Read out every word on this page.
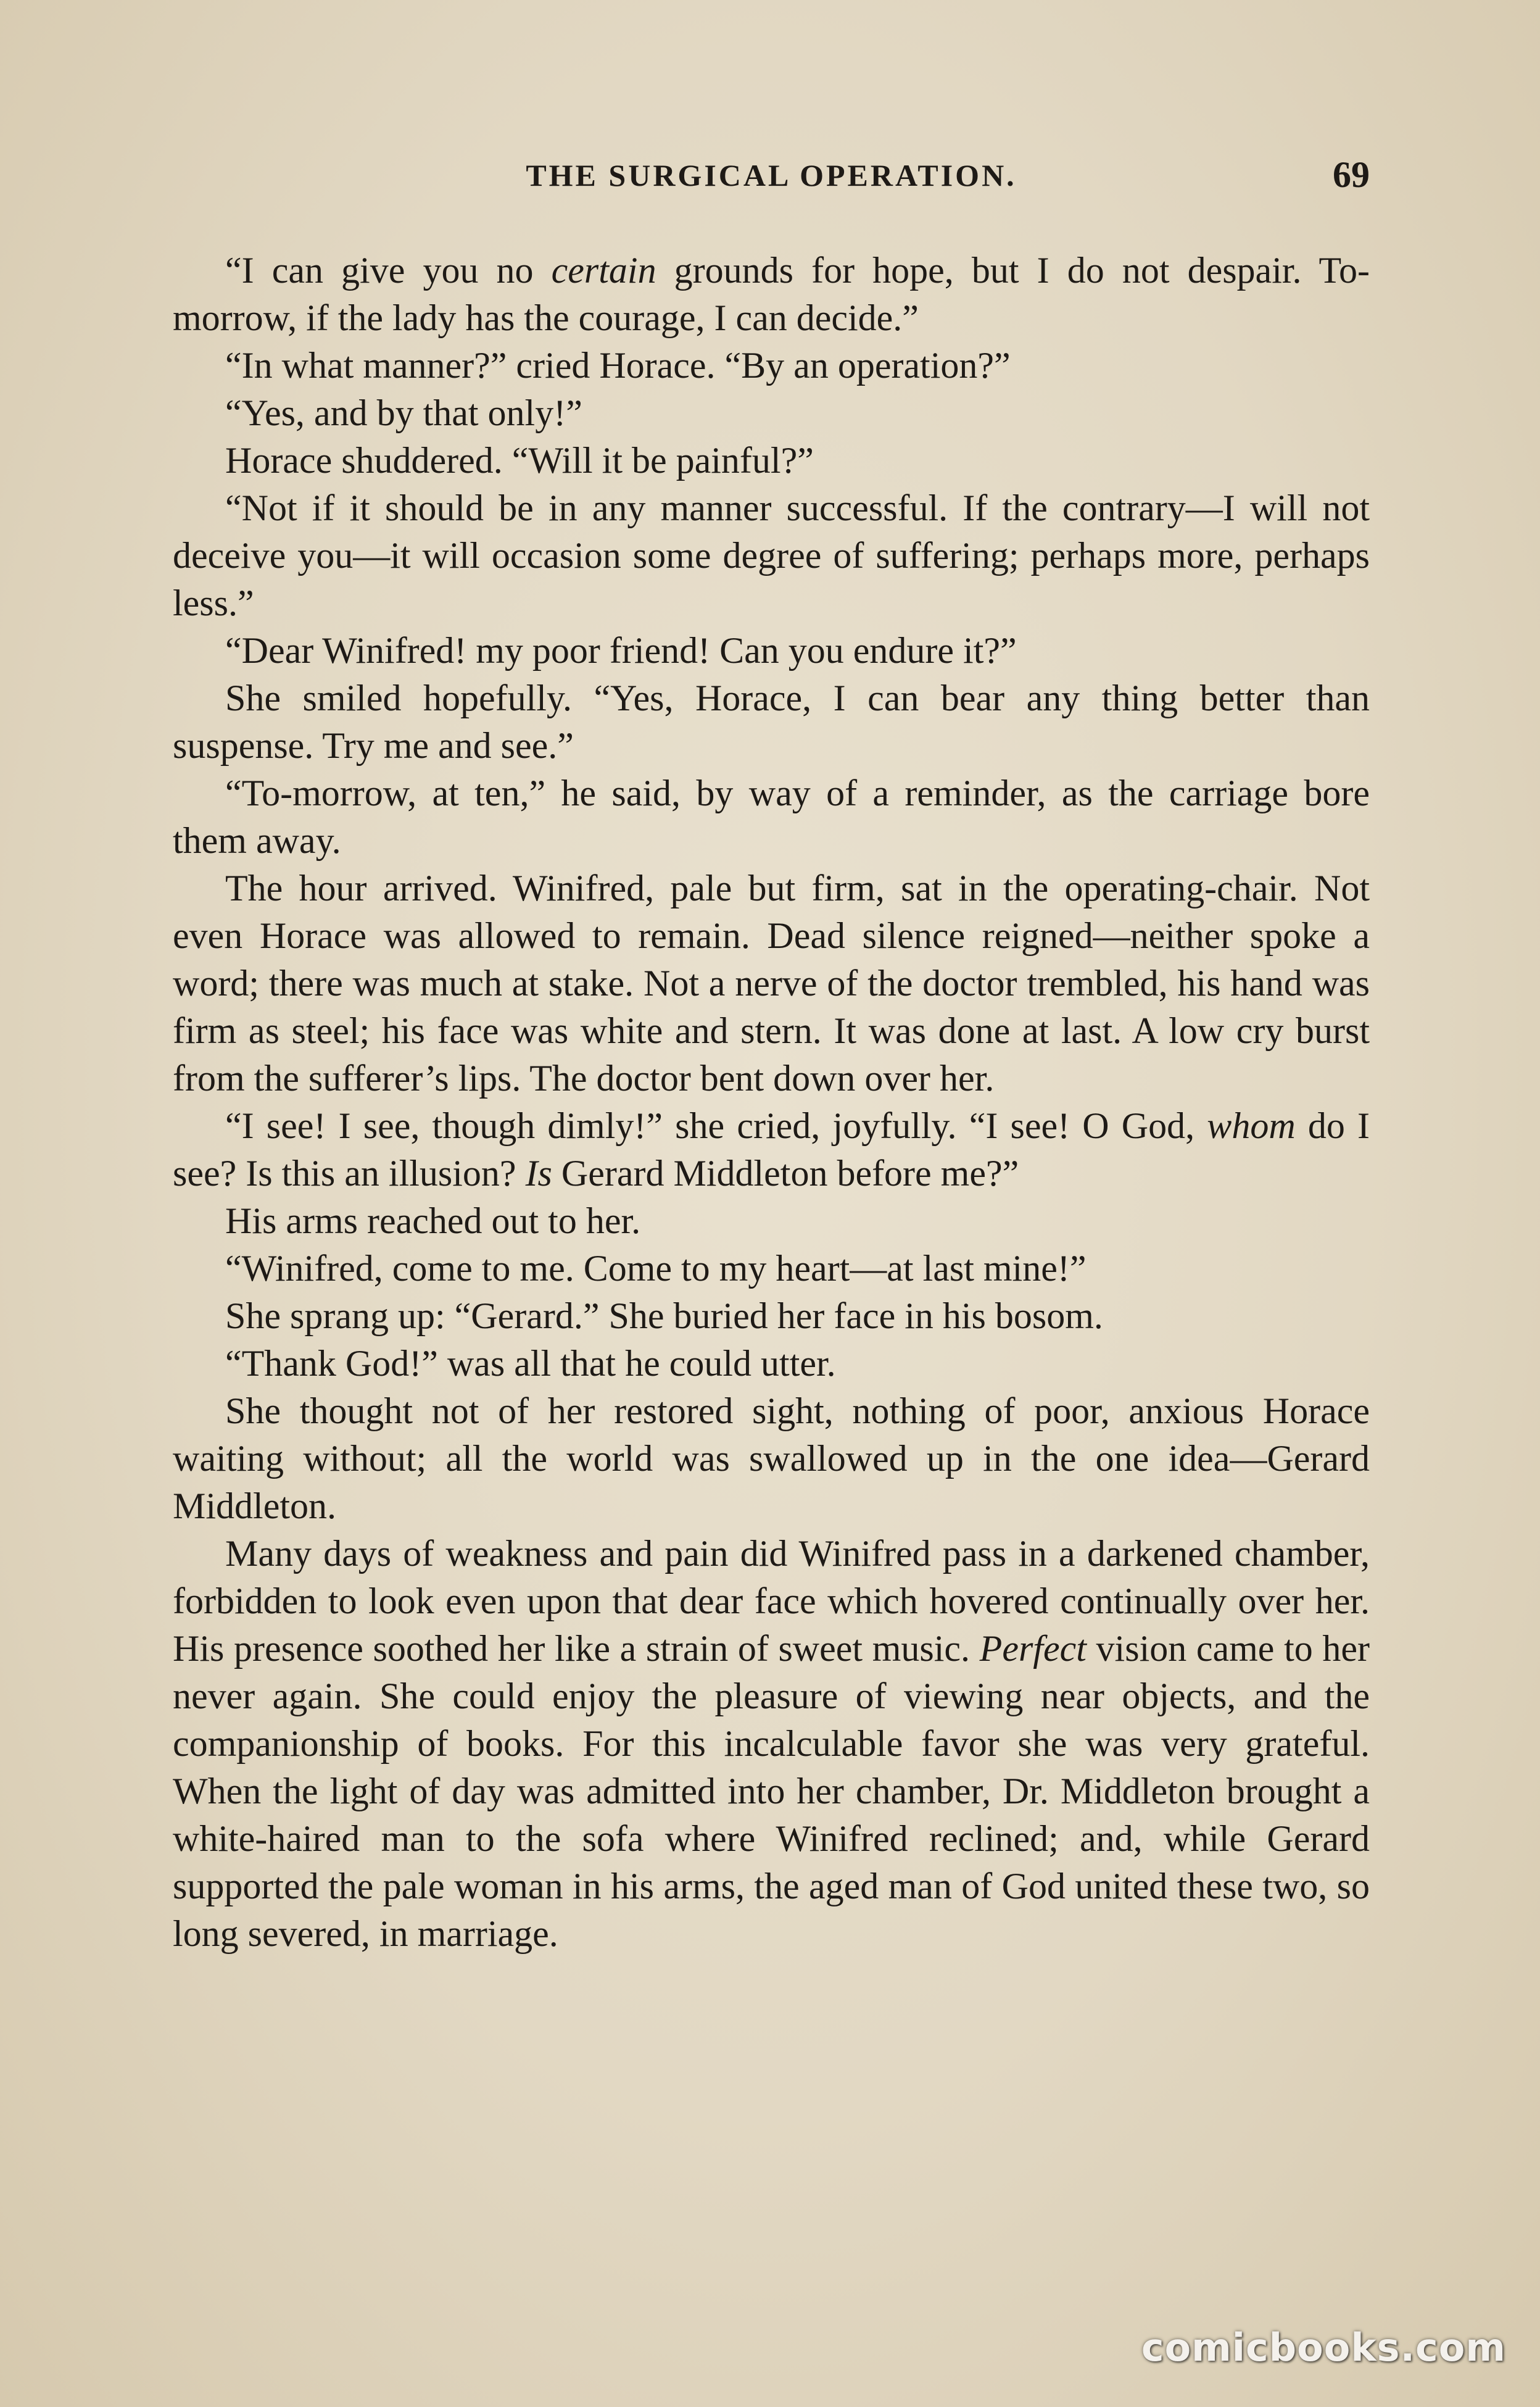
THE SURGICAL OPERATION.	69

“I can give you no certain grounds for hope, but I do not despair. To-morrow, if the lady has the courage, I can decide.”

“In what manner?” cried Horace. “By an operation?”

“Yes, and by that only!”

Horace shuddered. “Will it be painful?”

“Not if it should be in any manner successful. If the contrary—I will not deceive you—it will occasion some degree of suffering; perhaps more, perhaps less.”

“Dear Winifred! my poor friend! Can you endure it?”

She smiled hopefully. “Yes, Horace, I can bear any thing better than suspense. Try me and see.”

“To-morrow, at ten,” he said, by way of a reminder, as the carriage bore them away.

The hour arrived. Winifred, pale but firm, sat in the operating-chair. Not even Horace was allowed to remain. Dead silence reigned—neither spoke a word; there was much at stake. Not a nerve of the doctor trembled, his hand was firm as steel; his face was white and stern. It was done at last. A low cry burst from the sufferer’s lips. The doctor bent down over her.

“I see! I see, though dimly!” she cried, joyfully. “I see! O God, whom do I see? Is this an illusion? Is Gerard Middleton before me?”

His arms reached out to her.

“Winifred, come to me. Come to my heart—at last mine!”

She sprang up: “Gerard.” She buried her face in his bosom.

“Thank God!” was all that he could utter.

She thought not of her restored sight, nothing of poor, anxious Horace waiting without; all the world was swallowed up in the one idea—Gerard Middleton.

Many days of weakness and pain did Winifred pass in a darkened chamber, forbidden to look even upon that dear face which hovered continually over her. His presence soothed her like a strain of sweet music. Perfect vision came to her never again. She could enjoy the pleasure of viewing near objects, and the companionship of books. For this incalculable favor she was very grateful. When the light of day was admitted into her chamber, Dr. Middleton brought a white-haired man to the sofa where Winifred reclined; and, while Gerard supported the pale woman in his arms, the aged man of God united these two, so long severed, in marriage.

comicbooks.com
